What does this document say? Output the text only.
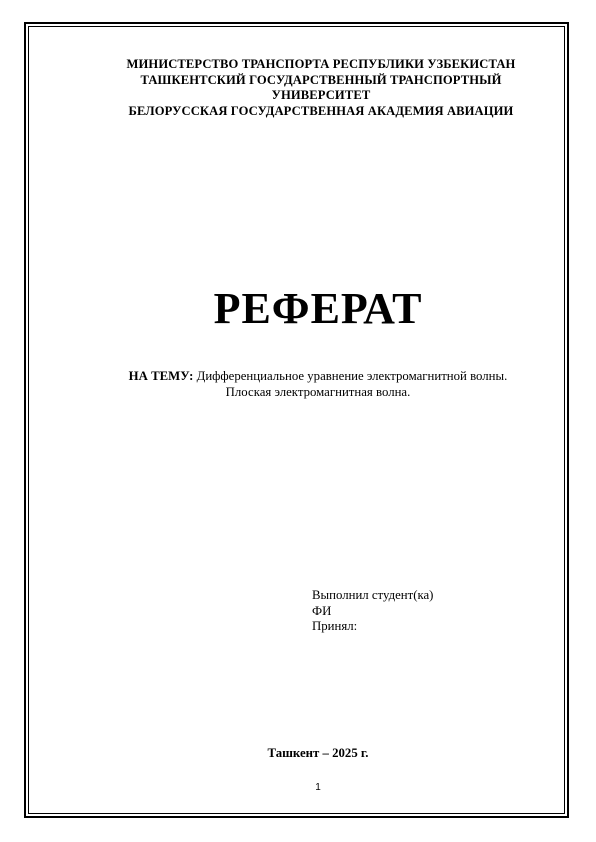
МИНИСТЕРСТВО ТРАНСПОРТА РЕСПУБЛИКИ УЗБЕКИСТАН
ТАШКЕНТСКИЙ ГОСУДАРСТВЕННЫЙ ТРАНСПОРТНЫЙ
УНИВЕРСИТЕТ
БЕЛОРУССКАЯ ГОСУДАРСТВЕННАЯ АКАДЕМИЯ АВИАЦИИ
РЕФЕРАТ
НА ТЕМУ: Дифференциальное уравнение электромагнитной волны.
Плоская электромагнитная волна.
Выполнил студент(ка)
ФИ
Принял:
Ташкент – 2025 г.
1
